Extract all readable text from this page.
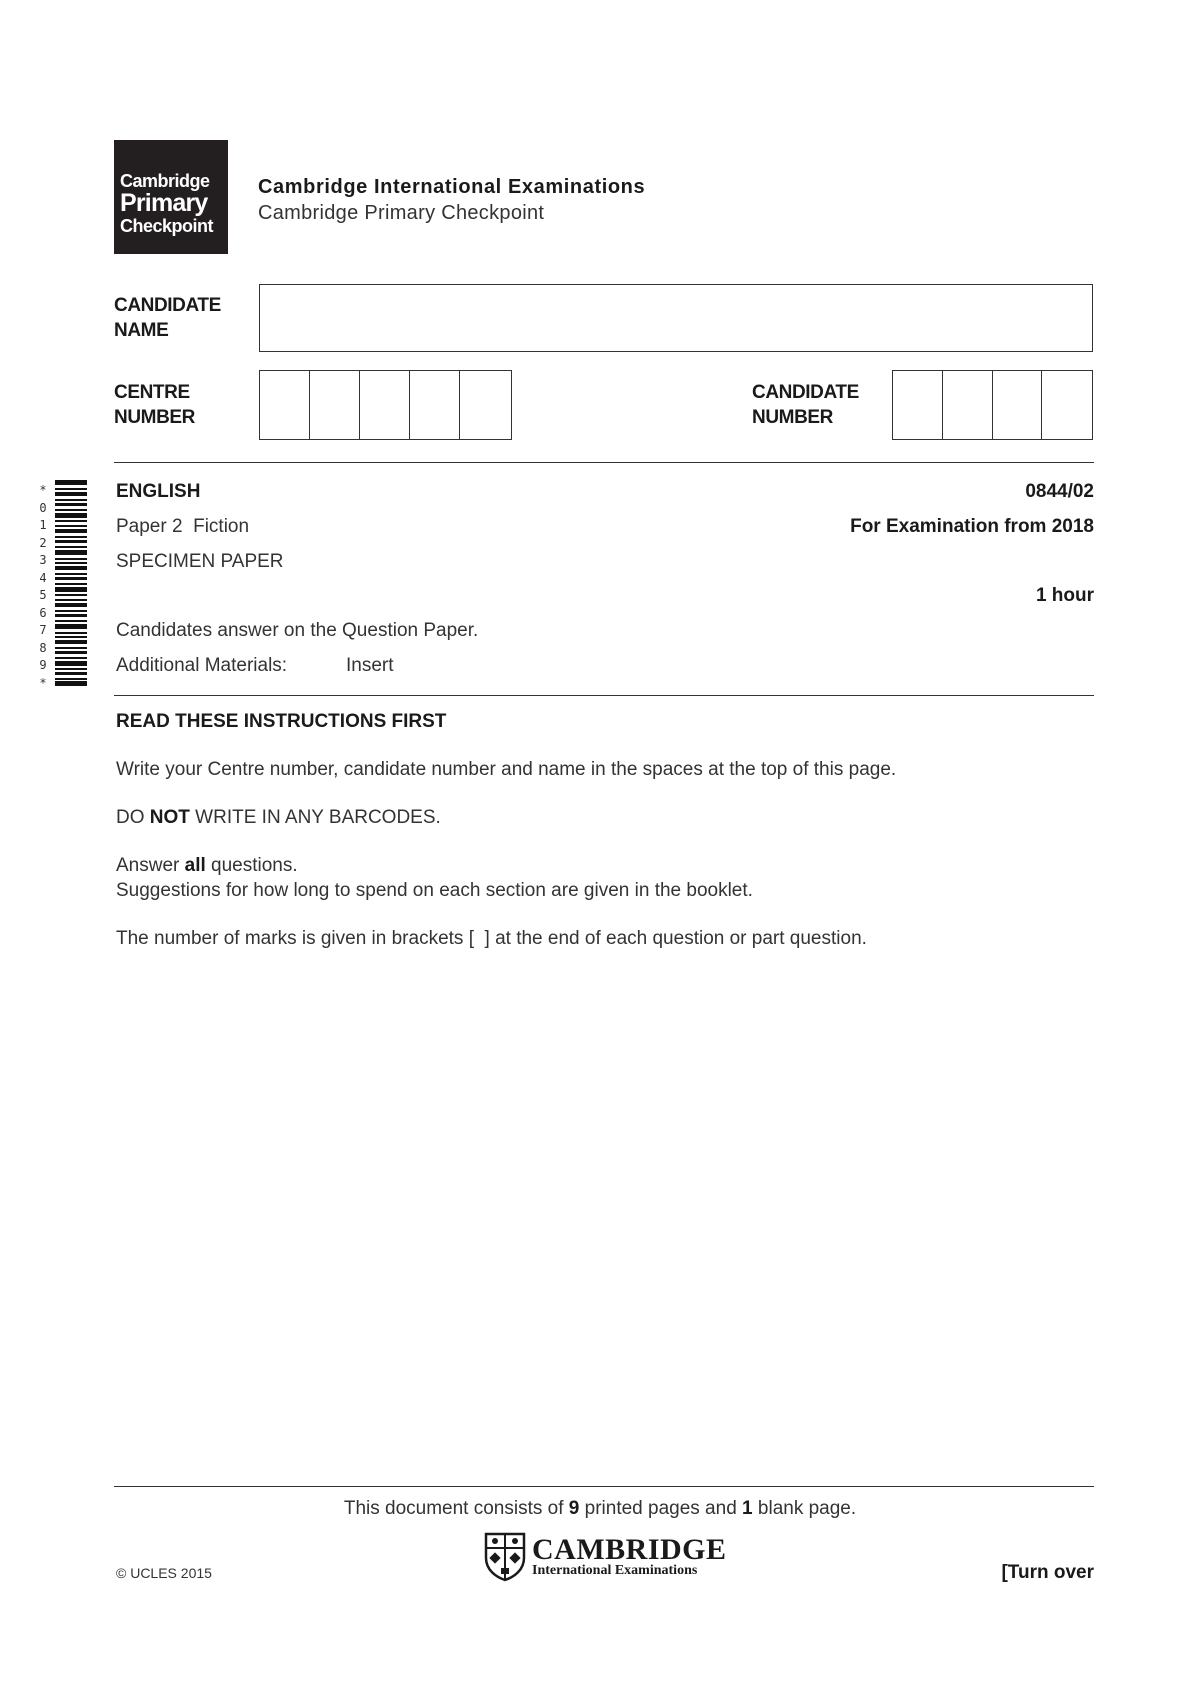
Cambridge
Primary
Checkpoint
Cambridge International Examinations
Cambridge Primary Checkpoint
CANDIDATE
NAME
CENTRE
NUMBER
CANDIDATE
NUMBER
*
0
1
2
3
4
5
6
7
8
9
*
ENGLISH	0844/02
Paper 2  Fiction	For Examination from 2018
SPECIMEN PAPER
1 hour
Candidates answer on the Question Paper.
Additional Materials:	Insert
READ THESE INSTRUCTIONS FIRST
Write your Centre number, candidate number and name in the spaces at the top of this page.
DO NOT WRITE IN ANY BARCODES.
Answer all questions.
Suggestions for how long to spend on each section are given in the booklet.
The number of marks is given in brackets [  ] at the end of each question or part question.
This document consists of 9 printed pages and 1 blank page.
© UCLES 2015
CAMBRIDGE
International Examinations	[Turn over
